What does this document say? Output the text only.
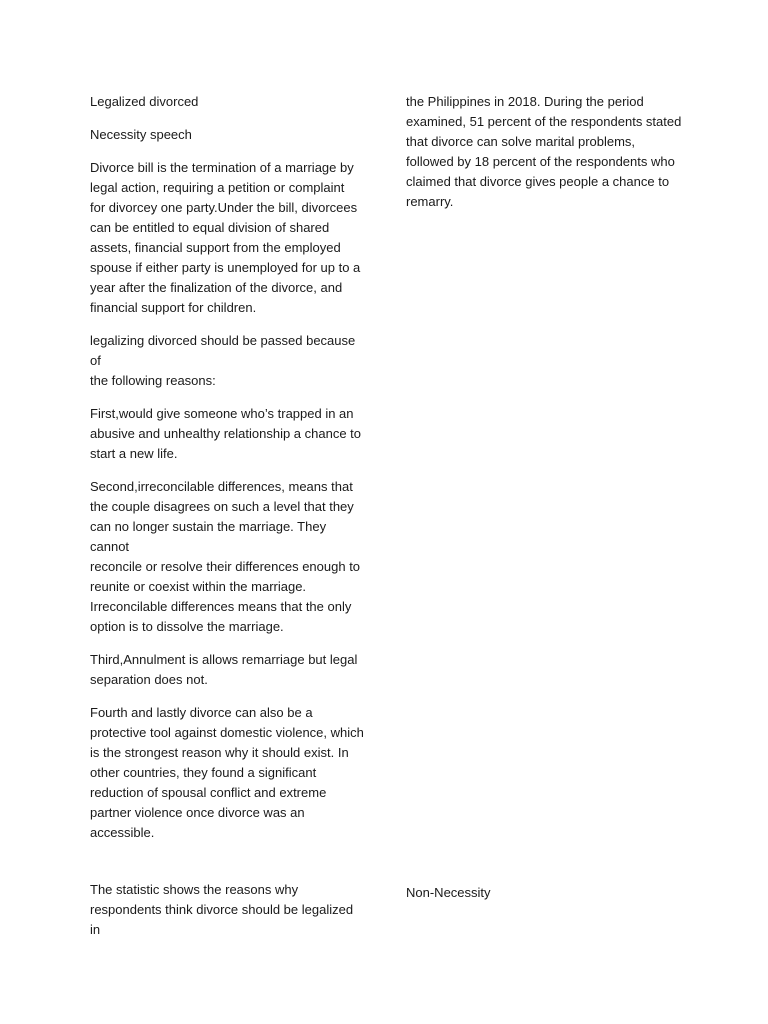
Legalized divorced

Necessity speech

Divorce bill is the termination of a marriage by
legal action, requiring a petition or complaint
for divorcey one party.Under the bill, divorcees
can be entitled to equal division of shared
assets, financial support from the employed
spouse if either party is unemployed for up to a
year after the finalization of the divorce, and
financial support for children.

legalizing divorced should be passed because of
the following reasons:

First,would give someone who’s trapped in an
abusive and unhealthy relationship a chance to
start a new life.

Second,irreconcilable differences, means that
the couple disagrees on such a level that they
can no longer sustain the marriage. They cannot
reconcile or resolve their differences enough to
reunite or coexist within the marriage.
Irreconcilable differences means that the only
option is to dissolve the marriage.

Third,Annulment is allows remarriage but legal
separation does not.

Fourth and lastly divorce can also be a
protective tool against domestic violence, which
is the strongest reason why it should exist. In
other countries, they found a significant
reduction of spousal conflict and extreme
partner violence once divorce was an
accessible.

The statistic shows the reasons why
respondents think divorce should be legalized in

the Philippines in 2018. During the period
examined, 51 percent of the respondents stated
that divorce can solve marital problems,
followed by 18 percent of the respondents who
claimed that divorce gives people a chance to
remarry.

Non-Necessity
